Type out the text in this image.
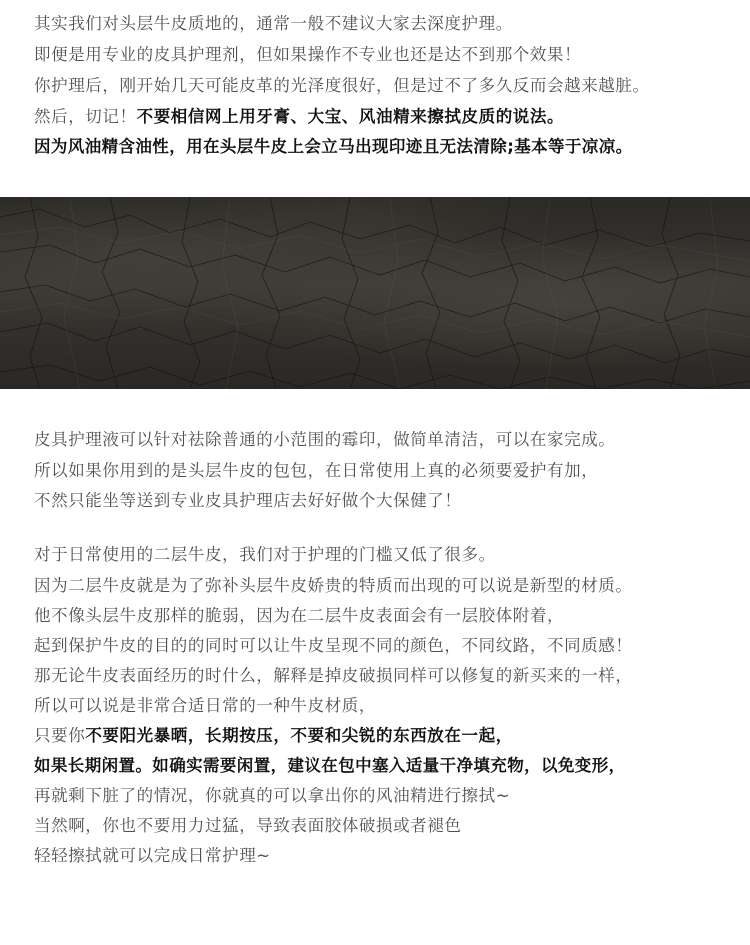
其实我们对头层牛皮质地的，通常一般不建议大家去深度护理。
即便是用专业的皮具护理剂，但如果操作不专业也还是达不到那个效果！
你护理后，刚开始几天可能皮革的光泽度很好，但是过不了多久反而会越来越脏。
然后，切记！不要相信网上用牙膏、大宝、风油精来擦拭皮质的说法。
因为风油精含油性，用在头层牛皮上会立马出现印迹且无法清除;基本等于凉凉。
皮具护理液可以针对祛除普通的小范围的霉印，做简单清洁，可以在家完成。
所以如果你用到的是头层牛皮的包包，在日常使用上真的必须要爱护有加，
不然只能坐等送到专业皮具护理店去好好做个大保健了！
对于日常使用的二层牛皮，我们对于护理的门槛又低了很多。
因为二层牛皮就是为了弥补头层牛皮娇贵的特质而出现的可以说是新型的材质。
他不像头层牛皮那样的脆弱，因为在二层牛皮表面会有一层胶体附着，
起到保护牛皮的目的的同时可以让牛皮呈现不同的颜色，不同纹路，不同质感！
那无论牛皮表面经历的时什么，解释是掉皮破损同样可以修复的新买来的一样，
所以可以说是非常合适日常的一种牛皮材质，
只要你不要阳光暴晒，长期按压，不要和尖锐的东西放在一起，
如果长期闲置。如确实需要闲置，建议在包中塞入适量干净填充物，以免变形，
再就剩下脏了的情况，你就真的可以拿出你的风油精进行擦拭~
当然啊，你也不要用力过猛，导致表面胶体破损或者褪色
轻轻擦拭就可以完成日常护理~
